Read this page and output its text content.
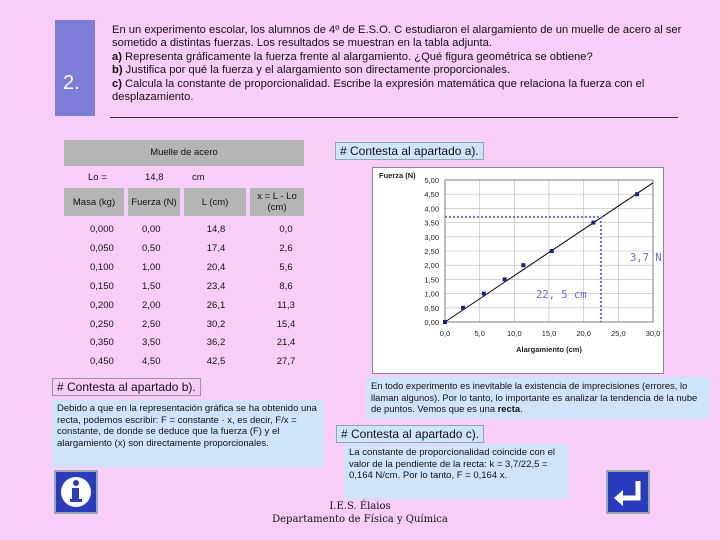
2.

En un experimento escolar, los alumnos de 4º de E.S.O. C estudiaron el alargamiento de un muelle de acero al ser sometido a distintas fuerzas. Los resultados se muestran en la tabla adjunta.

a) Representa gráficamente la fuerza frente al alargamiento. ¿Qué figura geométrica se obtiene?

b) Justifica por qué la fuerza y el alargamiento son directamente proporcionales.

c) Calcula la constante de proporcionalidad. Escribe la expresión matemática que relaciona la fuerza con el desplazamiento.

# Contesta al apartado a).
Muelle de acero
Lo =	14,8	cm
Masa (kg)	Fuerza (N)	L (cm)	x = L - Lo (cm)
0,000	0,00	14,8	0,0
0,050	0,50	17,4	2,6
0,100	1,00	20,4	5,6
0,150	1,50	23,4	8,6
0,200	2,00	26,1	11,3
0,250	2,50	30,2	15,4
0,350	3,50	36,2	21,4
0,450	4,50	42,5	27,7
0,00
0,50
1,00
1,50
2,00
2,50
3,00
3,50
4,00
4,50
5,00
0,0	5,0	10,0	15,0	20,0	25,0	30,0
Fuerza (N)
Alargamiento (cm)
3,7 N
22, 5 cm
En todo experimento es inevitable la existencia de imprecisiones (errores, lo llaman algunos). Por lo tanto, lo importante es analizar la tendencia de la nube de puntos. Vemos que es una recta.
# Contesta al apartado b).
Debido a que en la representación gráfica se ha obtenido una recta, podemos escribir: F = constante · x, es decir, F/x = constante, de donde se deduce que la fuerza (F) y el alargamiento (x) son directamente proporcionales.
# Contesta al apartado c).
La constante de proporcionalidad coincide con el valor de la pendiente de la recta: k = 3,7/22,5 = 0,164 N/cm. Por lo tanto, F = 0,164 x.
I.E.S. Élaios
Departamento de Física y Química
